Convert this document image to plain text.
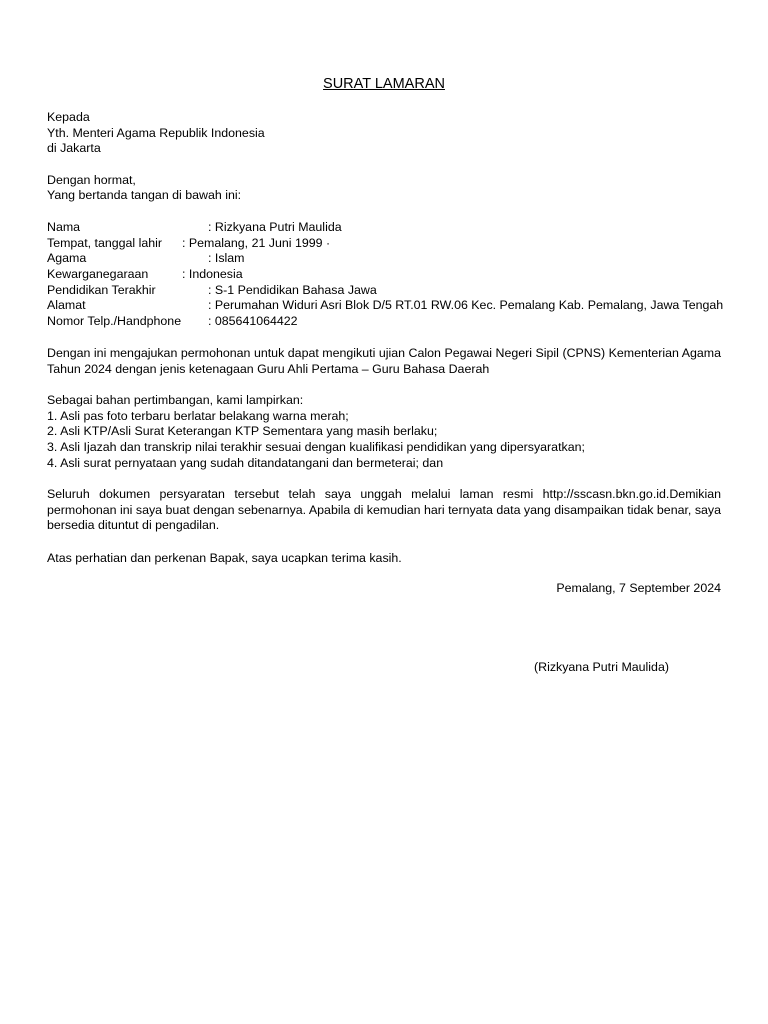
SURAT LAMARAN
Kepada
Yth. Menteri Agama Republik Indonesia
di Jakarta
Dengan hormat,
Yang bertanda tangan di bawah ini:
Nama	: Rizkyana Putri Maulida
Tempat, tanggal lahir : Pemalang, 21 Juni 1999 ·
Agama	: Islam
Kewarganegaraan	: Indonesia
Pendidikan Terakhir	: S-1 Pendidikan Bahasa Jawa
Alamat	: Perumahan Widuri Asri Blok D/5 RT.01 RW.06 Kec. Pemalang Kab. Pemalang, Jawa Tengah
Nomor Telp./Handphone : 085641064422
Dengan ini mengajukan permohonan untuk dapat mengikuti ujian Calon Pegawai Negeri Sipil (CPNS) Kementerian Agama Tahun 2024 dengan jenis ketenagaan Guru Ahli Pertama – Guru Bahasa Daerah
Sebagai bahan pertimbangan, kami lampirkan:
1. Asli pas foto terbaru berlatar belakang warna merah;
2. Asli KTP/Asli Surat Keterangan KTP Sementara yang masih berlaku;
3. Asli Ijazah dan transkrip nilai terakhir sesuai dengan kualifikasi pendidikan yang dipersyaratkan;
4. Asli surat pernyataan yang sudah ditandatangani dan bermeterai; dan
Seluruh dokumen persyaratan tersebut telah saya unggah melalui laman resmi http://sscasn.bkn.go.id.Demikian permohonan ini saya buat dengan sebenarnya. Apabila di kemudian hari ternyata data yang disampaikan tidak benar, saya bersedia dituntut di pengadilan.
Atas perhatian dan perkenan Bapak, saya ucapkan terima kasih.
Pemalang, 7 September 2024
(Rizkyana Putri Maulida)
